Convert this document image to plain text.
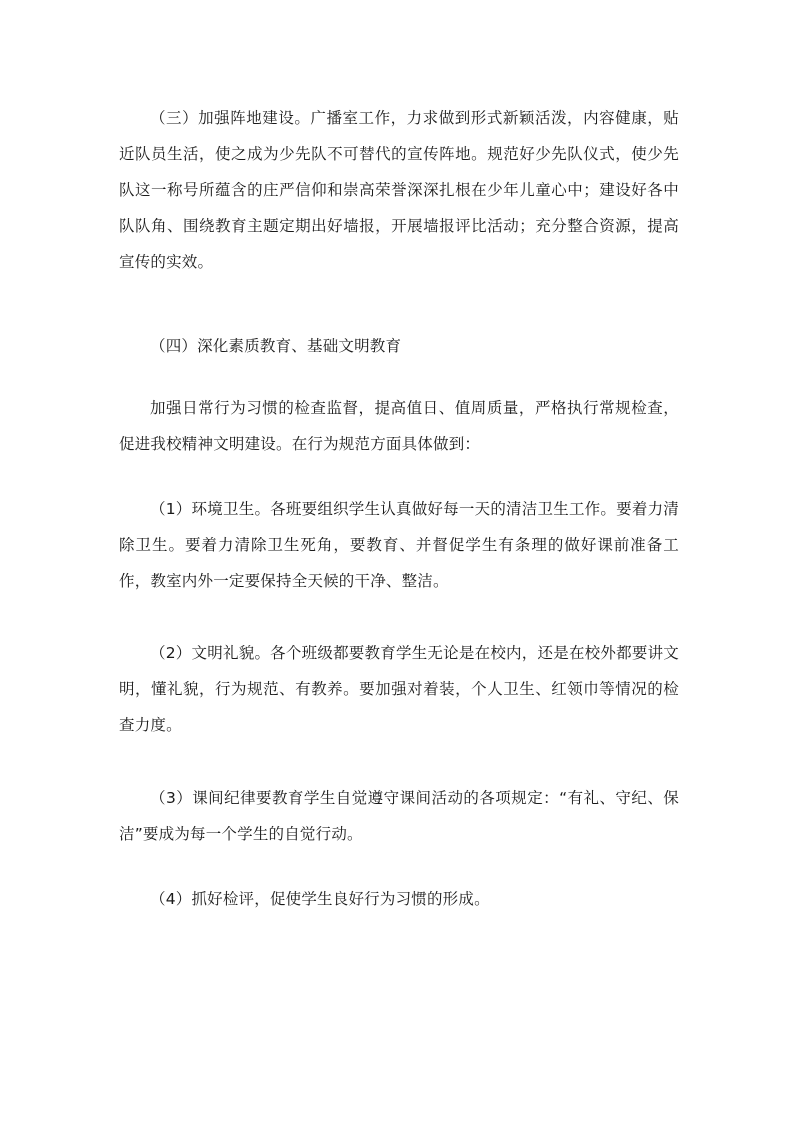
（三）加强阵地建设。广播室工作，力求做到形式新颖活泼，内容健康，贴近队员生活，使之成为少先队不可替代的宣传阵地。规范好少先队仪式，使少先队这一称号所蕴含的庄严信仰和崇高荣誉深深扎根在少年儿童心中；建设好各中队队角、围绕教育主题定期出好墙报，开展墙报评比活动；充分整合资源，提高宣传的实效。

（四）深化素质教育、基础文明教育

加强日常行为习惯的检查监督，提高值日、值周质量，严格执行常规检查，促进我校精神文明建设。在行为规范方面具体做到：

（1）环境卫生。各班要组织学生认真做好每一天的清洁卫生工作。要着力清除卫生。要着力清除卫生死角，要教育、并督促学生有条理的做好课前准备工作，教室内外一定要保持全天候的干净、整洁。

（2）文明礼貌。各个班级都要教育学生无论是在校内，还是在校外都要讲文明，懂礼貌，行为规范、有教养。要加强对着装，个人卫生、红领巾等情况的检查力度。

（3）课间纪律要教育学生自觉遵守课间活动的各项规定：“有礼、守纪、保洁”要成为每一个学生的自觉行动。

（4）抓好检评，促使学生良好行为习惯的形成。
